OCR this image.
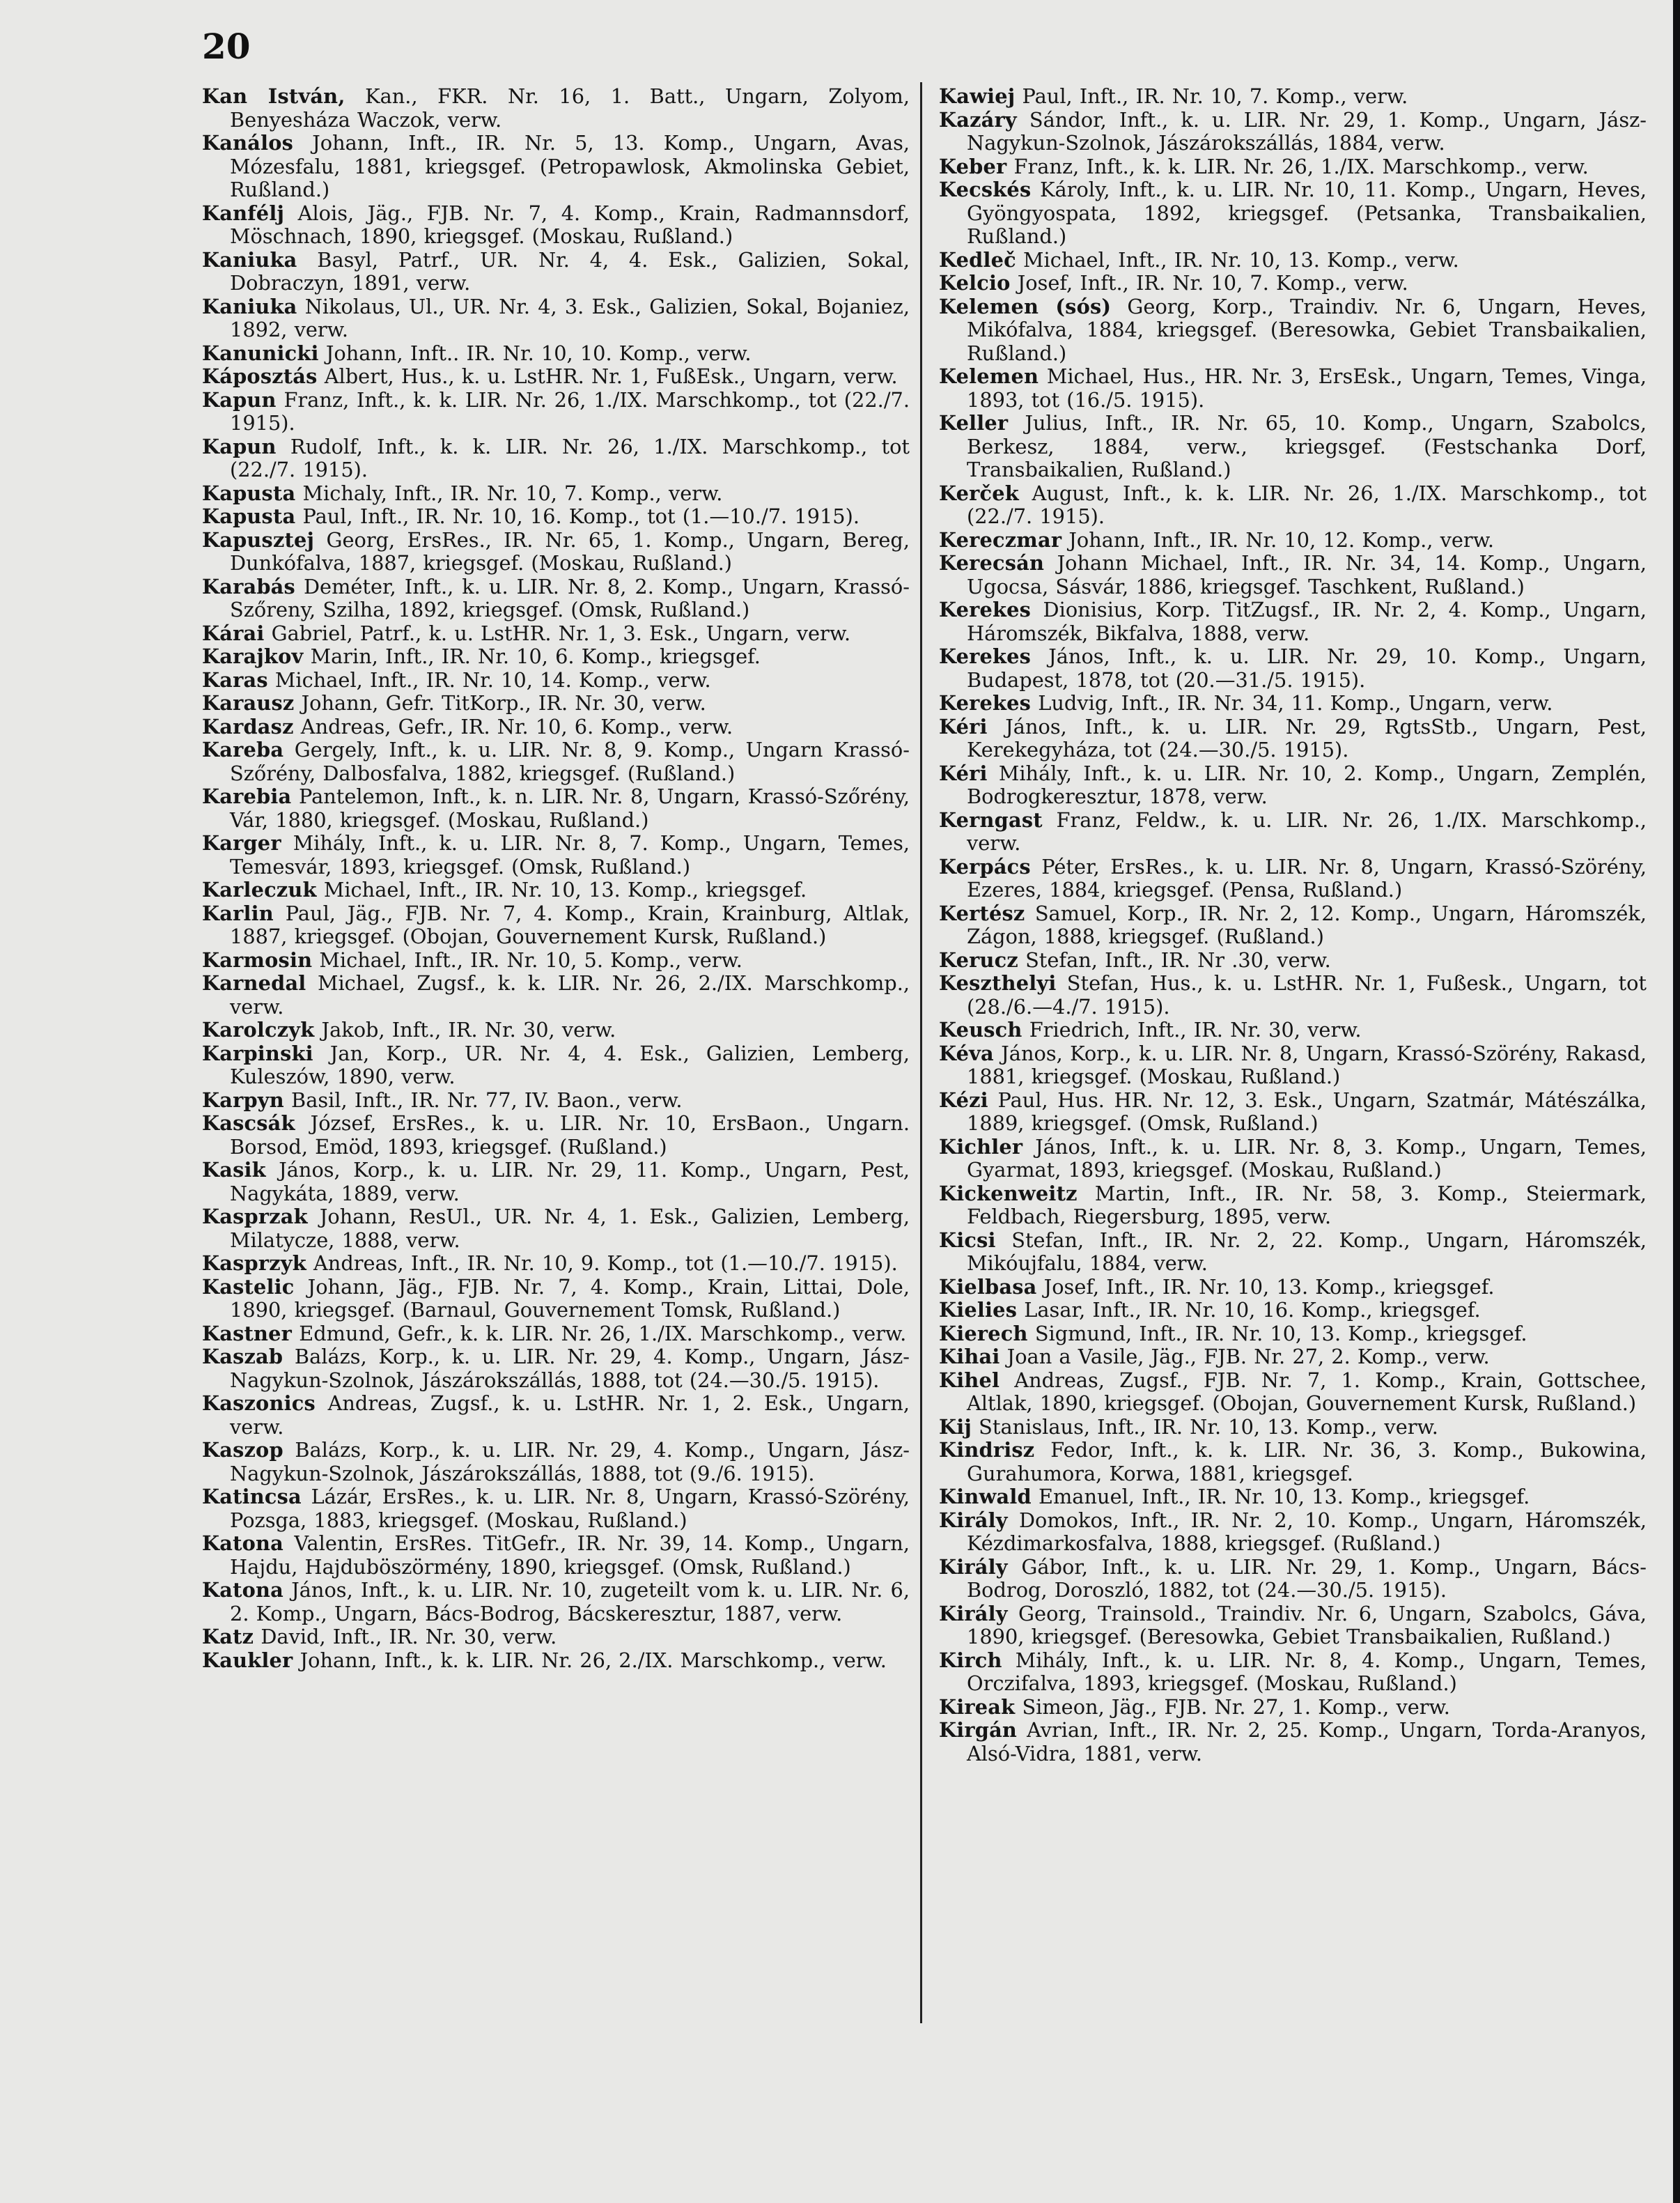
20

Kan István, Kan., FKR. Nr. 16, 1. Batt., Ungarn, Zolyom, Benyesháza Waczok, verw.

Kanálos Johann, Inft., IR. Nr. 5, 13. Komp., Ungarn, Avas, Mózesfalu, 1881, kriegsgef. (Petropawlosk, Akmolinska Gebiet, Rußland.)

Kanfélj Alois, Jäg., FJB. Nr. 7, 4. Komp., Krain, Radmannsdorf, Möschnach, 1890, kriegsgef. (Moskau, Rußland.)

Kaniuka Basyl, Patrf., UR. Nr. 4, 4. Esk., Galizien, Sokal, Dobraczyn, 1891, verw.

Kaniuka Nikolaus, Ul., UR. Nr. 4, 3. Esk., Galizien, Sokal, Bojaniez, 1892, verw.

Kanunicki Johann, Inft.. IR. Nr. 10, 10. Komp., verw.

Káposztás Albert, Hus., k. u. LstHR. Nr. 1, FußEsk., Ungarn, verw.

Kapun Franz, Inft., k. k. LIR. Nr. 26, 1./IX. Marschkomp., tot (22./7. 1915).

Kapun Rudolf, Inft., k. k. LIR. Nr. 26, 1./IX. Marschkomp., tot (22./7. 1915).

Kapusta Michaly, Inft., IR. Nr. 10, 7. Komp., verw.

Kapusta Paul, Inft., IR. Nr. 10, 16. Komp., tot (1.—10./7. 1915).

Kapusztej Georg, ErsRes., IR. Nr. 65, 1. Komp., Ungarn, Bereg, Dunkófalva, 1887, kriegsgef. (Moskau, Rußland.)

Karabás Deméter, Inft., k. u. LIR. Nr. 8, 2. Komp., Ungarn, Krassó-Szőreny, Szilha, 1892, kriegsgef. (Omsk, Rußland.)

Kárai Gabriel, Patrf., k. u. LstHR. Nr. 1, 3. Esk., Ungarn, verw.

Karajkov Marin, Inft., IR. Nr. 10, 6. Komp., kriegsgef.

Karas Michael, Inft., IR. Nr. 10, 14. Komp., verw.

Karausz Johann, Gefr. TitKorp., IR. Nr. 30, verw.

Kardasz Andreas, Gefr., IR. Nr. 10, 6. Komp., verw.

Kareba Gergely, Inft., k. u. LIR. Nr. 8, 9. Komp., Ungarn Krassó-Szőrény, Dalbosfalva, 1882, kriegsgef. (Rußland.)

Karebia Pantelemon, Inft., k. n. LIR. Nr. 8, Ungarn, Krassó-Szőrény, Vár, 1880, kriegsgef. (Moskau, Rußland.)

Karger Mihály, Inft., k. u. LIR. Nr. 8, 7. Komp., Ungarn, Temes, Temesvár, 1893, kriegsgef. (Omsk, Rußland.)

Karleczuk Michael, Inft., IR. Nr. 10, 13. Komp., kriegsgef.

Karlin Paul, Jäg., FJB. Nr. 7, 4. Komp., Krain, Krainburg, Altlak, 1887, kriegsgef. (Obojan, Gouvernement Kursk, Rußland.)

Karmosin Michael, Inft., IR. Nr. 10, 5. Komp., verw.

Karnedal Michael, Zugsf., k. k. LIR. Nr. 26, 2./IX. Marschkomp., verw.

Karolczyk Jakob, Inft., IR. Nr. 30, verw.

Karpinski Jan, Korp., UR. Nr. 4, 4. Esk., Galizien, Lemberg, Kuleszów, 1890, verw.

Karpyn Basil, Inft., IR. Nr. 77, IV. Baon., verw.

Kascsák József, ErsRes., k. u. LIR. Nr. 10, ErsBaon., Ungarn. Borsod, Emöd, 1893, kriegsgef. (Rußland.)

Kasik János, Korp., k. u. LIR. Nr. 29, 11. Komp., Ungarn, Pest, Nagykáta, 1889, verw.

Kasprzak Johann, ResUl., UR. Nr. 4, 1. Esk., Galizien, Lemberg, Milatycze, 1888, verw.

Kasprzyk Andreas, Inft., IR. Nr. 10, 9. Komp., tot (1.—10./7. 1915).

Kastelic Johann, Jäg., FJB. Nr. 7, 4. Komp., Krain, Littai, Dole, 1890, kriegsgef. (Barnaul, Gouvernement Tomsk, Rußland.)

Kastner Edmund, Gefr., k. k. LIR. Nr. 26, 1./IX. Marschkomp., verw.

Kaszab Balázs, Korp., k. u. LIR. Nr. 29, 4. Komp., Ungarn, Jász-Nagykun-Szolnok, Jászárokszállás, 1888, tot (24.—30./5. 1915).

Kaszonics Andreas, Zugsf., k. u. LstHR. Nr. 1, 2. Esk., Ungarn, verw.

Kaszop Balázs, Korp., k. u. LIR. Nr. 29, 4. Komp., Ungarn, Jász-Nagykun-Szolnok, Jászárokszállás, 1888, tot (9./6. 1915).

Katincsa Lázár, ErsRes., k. u. LIR. Nr. 8, Ungarn, Krassó-Szörény, Pozsga, 1883, kriegsgef. (Moskau, Rußland.)

Katona Valentin, ErsRes. TitGefr., IR. Nr. 39, 14. Komp., Ungarn, Hajdu, Hajduböszörmény, 1890, kriegsgef. (Omsk, Rußland.)

Katona János, Inft., k. u. LIR. Nr. 10, zugeteilt vom k. u. LIR. Nr. 6, 2. Komp., Ungarn, Bács-Bodrog, Bácskeresztur, 1887, verw.

Katz David, Inft., IR. Nr. 30, verw.

Kaukler Johann, Inft., k. k. LIR. Nr. 26, 2./IX. Marschkomp., verw.

Kawiej Paul, Inft., IR. Nr. 10, 7. Komp., verw.

Kazáry Sándor, Inft., k. u. LIR. Nr. 29, 1. Komp., Ungarn, Jász-Nagykun-Szolnok, Jászárokszállás, 1884, verw.

Keber Franz, Inft., k. k. LIR. Nr. 26, 1./IX. Marschkomp., verw.

Kecskés Károly, Inft., k. u. LIR. Nr. 10, 11. Komp., Ungarn, Heves, Gyöngyospata, 1892, kriegsgef. (Petsanka, Transbaikalien, Rußland.)

Kedleč Michael, Inft., IR. Nr. 10, 13. Komp., verw.

Kelcio Josef, Inft., IR. Nr. 10, 7. Komp., verw.

Kelemen (sós) Georg, Korp., Traindiv. Nr. 6, Ungarn, Heves, Mikófalva, 1884, kriegsgef. (Beresowka, Gebiet Transbaikalien, Rußland.)

Kelemen Michael, Hus., HR. Nr. 3, ErsEsk., Ungarn, Temes, Vinga, 1893, tot (16./5. 1915).

Keller Julius, Inft., IR. Nr. 65, 10. Komp., Ungarn, Szabolcs, Berkesz, 1884, verw., kriegsgef. (Festschanka Dorf, Transbaikalien, Rußland.)

Kerček August, Inft., k. k. LIR. Nr. 26, 1./IX. Marschkomp., tot (22./7. 1915).

Kereczmar Johann, Inft., IR. Nr. 10, 12. Komp., verw.

Kerecsán Johann Michael, Inft., IR. Nr. 34, 14. Komp., Ungarn, Ugocsa, Sásvár, 1886, kriegsgef. Taschkent, Rußland.)

Kerekes Dionisius, Korp. TitZugsf., IR. Nr. 2, 4. Komp., Ungarn, Háromszék, Bikfalva, 1888, verw.

Kerekes János, Inft., k. u. LIR. Nr. 29, 10. Komp., Ungarn, Budapest, 1878, tot (20.—31./5. 1915).

Kerekes Ludvig, Inft., IR. Nr. 34, 11. Komp., Ungarn, verw.

Kéri János, Inft., k. u. LIR. Nr. 29, RgtsStb., Ungarn, Pest, Kerekegyháza, tot (24.—30./5. 1915).

Kéri Mihály, Inft., k. u. LIR. Nr. 10, 2. Komp., Ungarn, Zemplén, Bodrogkeresztur, 1878, verw.

Kerngast Franz, Feldw., k. u. LIR. Nr. 26, 1./IX. Marschkomp., verw.

Kerpács Péter, ErsRes., k. u. LIR. Nr. 8, Ungarn, Krassó-Szörény, Ezeres, 1884, kriegsgef. (Pensa, Rußland.)

Kertész Samuel, Korp., IR. Nr. 2, 12. Komp., Ungarn, Háromszék, Zágon, 1888, kriegsgef. (Rußland.)

Kerucz Stefan, Inft., IR. Nr .30, verw.

Keszthelyi Stefan, Hus., k. u. LstHR. Nr. 1, Fußesk., Ungarn, tot (28./6.—4./7. 1915).

Keusch Friedrich, Inft., IR. Nr. 30, verw.

Kéva János, Korp., k. u. LIR. Nr. 8, Ungarn, Krassó-Szörény, Rakasd, 1881, kriegsgef. (Moskau, Rußland.)

Kézi Paul, Hus. HR. Nr. 12, 3. Esk., Ungarn, Szatmár, Mátészálka, 1889, kriegsgef. (Omsk, Rußland.)

Kichler János, Inft., k. u. LIR. Nr. 8, 3. Komp., Ungarn, Temes, Gyarmat, 1893, kriegsgef. (Moskau, Rußland.)

Kickenweitz Martin, Inft., IR. Nr. 58, 3. Komp., Steiermark, Feldbach, Riegersburg, 1895, verw.

Kicsi Stefan, Inft., IR. Nr. 2, 22. Komp., Ungarn, Háromszék, Mikóujfalu, 1884, verw.

Kielbasa Josef, Inft., IR. Nr. 10, 13. Komp., kriegsgef.

Kielies Lasar, Inft., IR. Nr. 10, 16. Komp., kriegsgef.

Kierech Sigmund, Inft., IR. Nr. 10, 13. Komp., kriegsgef.

Kihai Joan a Vasile, Jäg., FJB. Nr. 27, 2. Komp., verw.

Kihel Andreas, Zugsf., FJB. Nr. 7, 1. Komp., Krain, Gottschee, Altlak, 1890, kriegsgef. (Obojan, Gouvernement Kursk, Rußland.)

Kij Stanislaus, Inft., IR. Nr. 10, 13. Komp., verw.

Kindrisz Fedor, Inft., k. k. LIR. Nr. 36, 3. Komp., Bukowina, Gurahumora, Korwa, 1881, kriegsgef.

Kinwald Emanuel, Inft., IR. Nr. 10, 13. Komp., kriegsgef.

Király Domokos, Inft., IR. Nr. 2, 10. Komp., Ungarn, Háromszék, Kézdimarkosfalva, 1888, kriegsgef. (Rußland.)

Király Gábor, Inft., k. u. LIR. Nr. 29, 1. Komp., Ungarn, Bács-Bodrog, Doroszló, 1882, tot (24.—30./5. 1915).

Király Georg, Trainsold., Traindiv. Nr. 6, Ungarn, Szabolcs, Gáva, 1890, kriegsgef. (Beresowka, Gebiet Transbaikalien, Rußland.)

Kirch Mihály, Inft., k. u. LIR. Nr. 8, 4. Komp., Ungarn, Temes, Orczifalva, 1893, kriegsgef. (Moskau, Rußland.)

Kireak Simeon, Jäg., FJB. Nr. 27, 1. Komp., verw.

Kirgán Avrian, Inft., IR. Nr. 2, 25. Komp., Ungarn, Torda-Aranyos, Alsó-Vidra, 1881, verw.
